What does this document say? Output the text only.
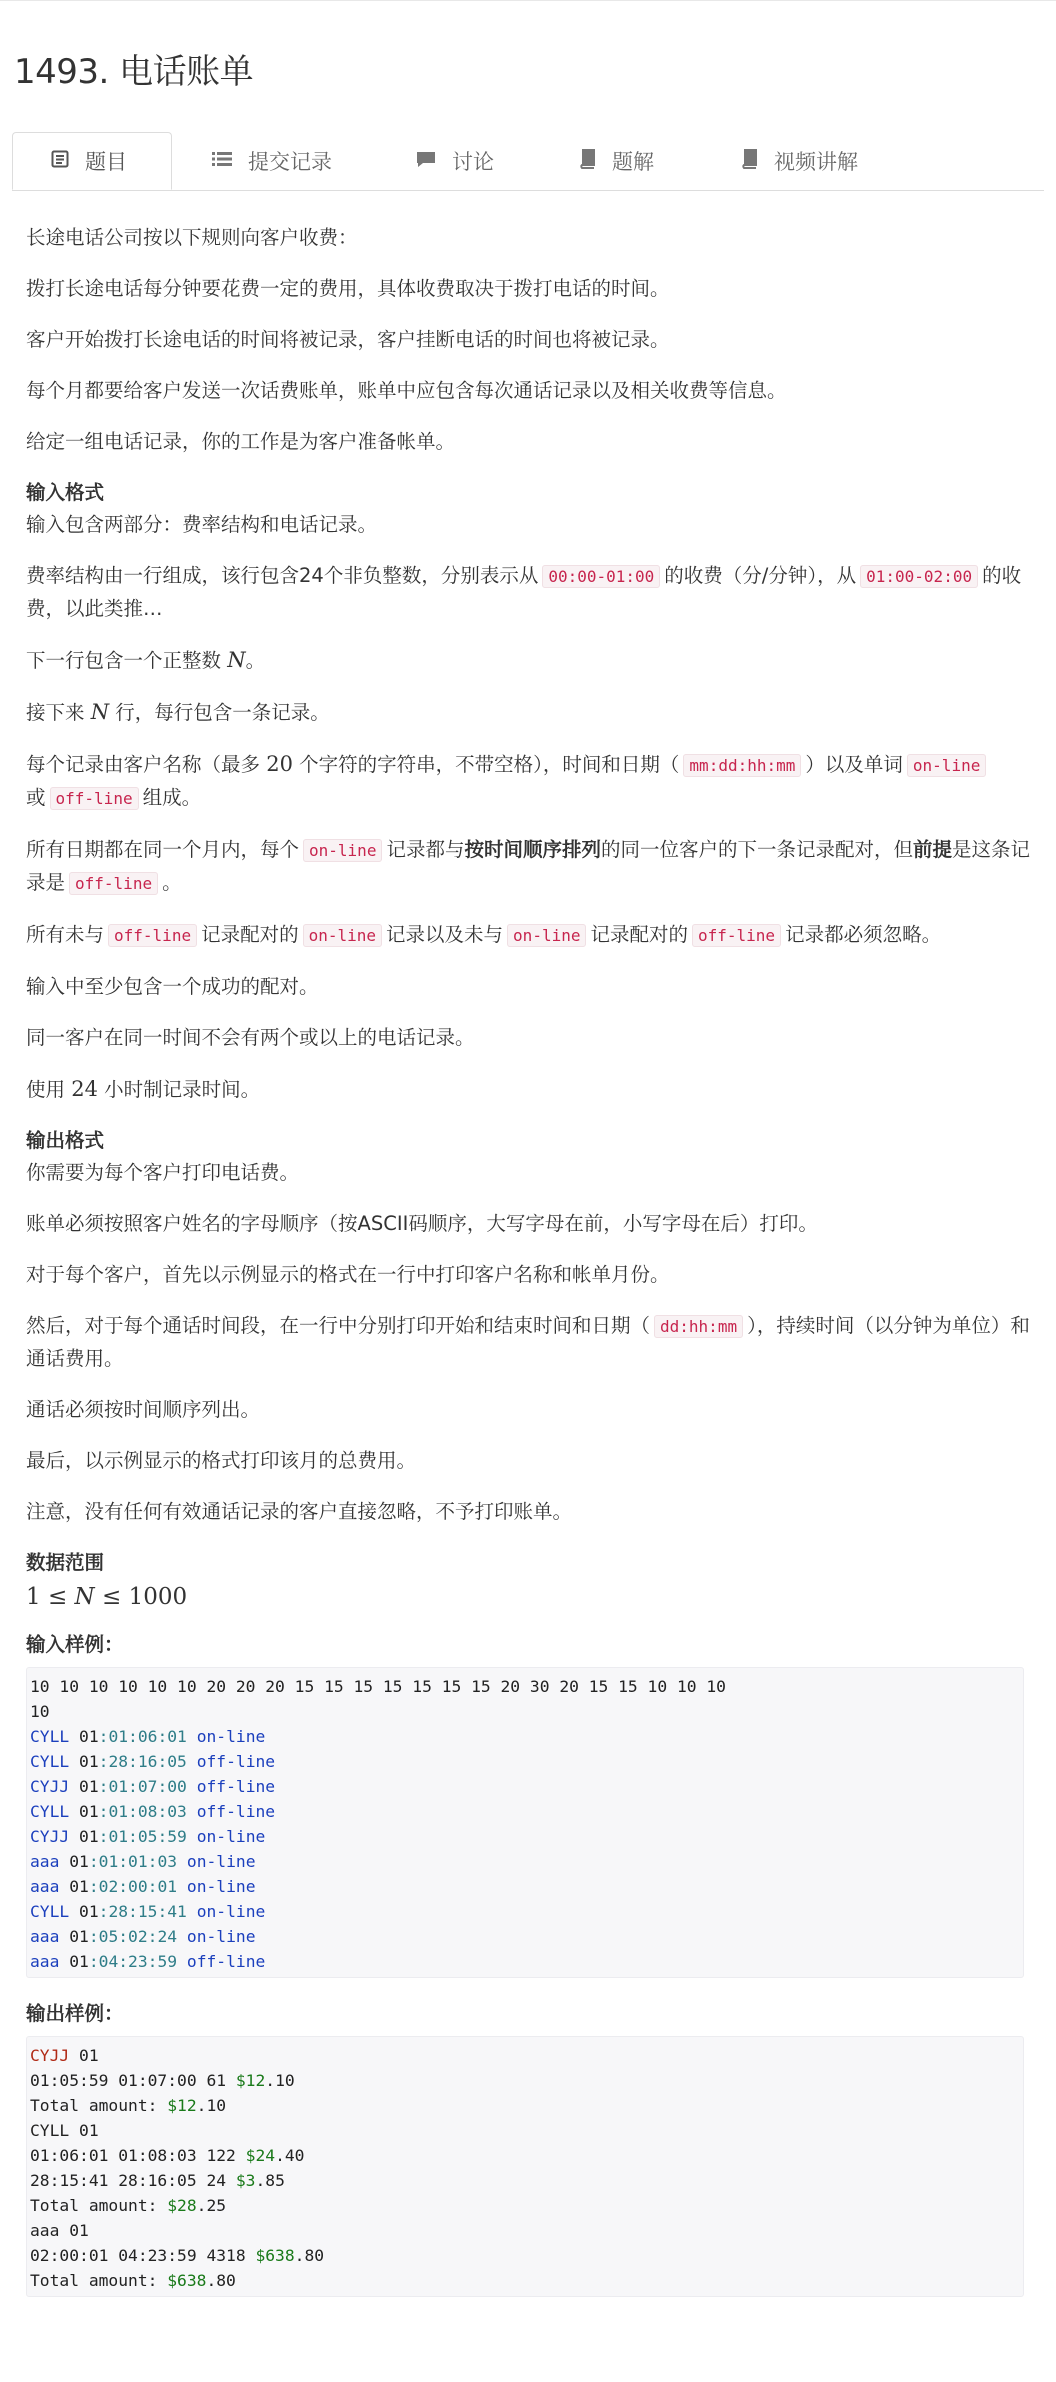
1493. 电话账单
题目	提交记录	讨论	题解	视频讲解

长途电话公司按以下规则向客户收费：

拨打长途电话每分钟要花费一定的费用，具体收费取决于拨打电话的时间。

客户开始拨打长途电话的时间将被记录，客户挂断电话的时间也将被记录。

每个月都要给客户发送一次话费账单，账单中应包含每次通话记录以及相关收费等信息。

给定一组电话记录，你的工作是为客户准备帐单。

输入格式

输入包含两部分：费率结构和电话记录。

费率结构由一行组成，该行包含24个非负整数，分别表示从 00:00-01:00 的收费（分/分钟），从 01:00-02:00 的收费，以此类推…

下一行包含一个正整数 N。

接下来 N 行，每行包含一条记录。

每个记录由客户名称（最多 20 个字符的字符串，不带空格），时间和日期（ mm:dd:hh:mm ）以及单词 on-line
或 off-line 组成。

所有日期都在同一个月内，每个 on-line 记录都与按时间顺序排列的同一位客户的下一条记录配对，但前提是这条记录是 off-line 。

所有未与 off-line 记录配对的 on-line 记录以及未与 on-line 记录配对的 off-line 记录都必须忽略。

输入中至少包含一个成功的配对。

同一客户在同一时间不会有两个或以上的电话记录。

使用 24 小时制记录时间。

输出格式

你需要为每个客户打印电话费。

账单必须按照客户姓名的字母顺序（按ASCII码顺序，大写字母在前，小写字母在后）打印。

对于每个客户，首先以示例显示的格式在一行中打印客户名称和帐单月份。

然后，对于每个通话时间段，在一行中分别打印开始和结束时间和日期（ dd:hh:mm ），持续时间（以分钟为单位）和通话费用。

通话必须按时间顺序列出。

最后，以示例显示的格式打印该月的总费用。

注意，没有任何有效通话记录的客户直接忽略，不予打印账单。

数据范围
1 ≤ N ≤ 1000
输入样例：
10 10 10 10 10 10 20 20 20 15 15 15 15 15 15 15 20 30 20 15 15 10 10 10
10
CYLL 01:01:06:01 on-line
CYLL 01:28:16:05 off-line
CYJJ 01:01:07:00 off-line
CYLL 01:01:08:03 off-line
CYJJ 01:01:05:59 on-line
aaa 01:01:01:03 on-line
aaa 01:02:00:01 on-line
CYLL 01:28:15:41 on-line
aaa 01:05:02:24 on-line
aaa 01:04:23:59 off-line
输出样例：
CYJJ 01
01:05:59 01:07:00 61 $12.10
Total amount: $12.10
CYLL 01
01:06:01 01:08:03 122 $24.40
28:15:41 28:16:05 24 $3.85
Total amount: $28.25
aaa 01
02:00:01 04:23:59 4318 $638.80
Total amount: $638.80
